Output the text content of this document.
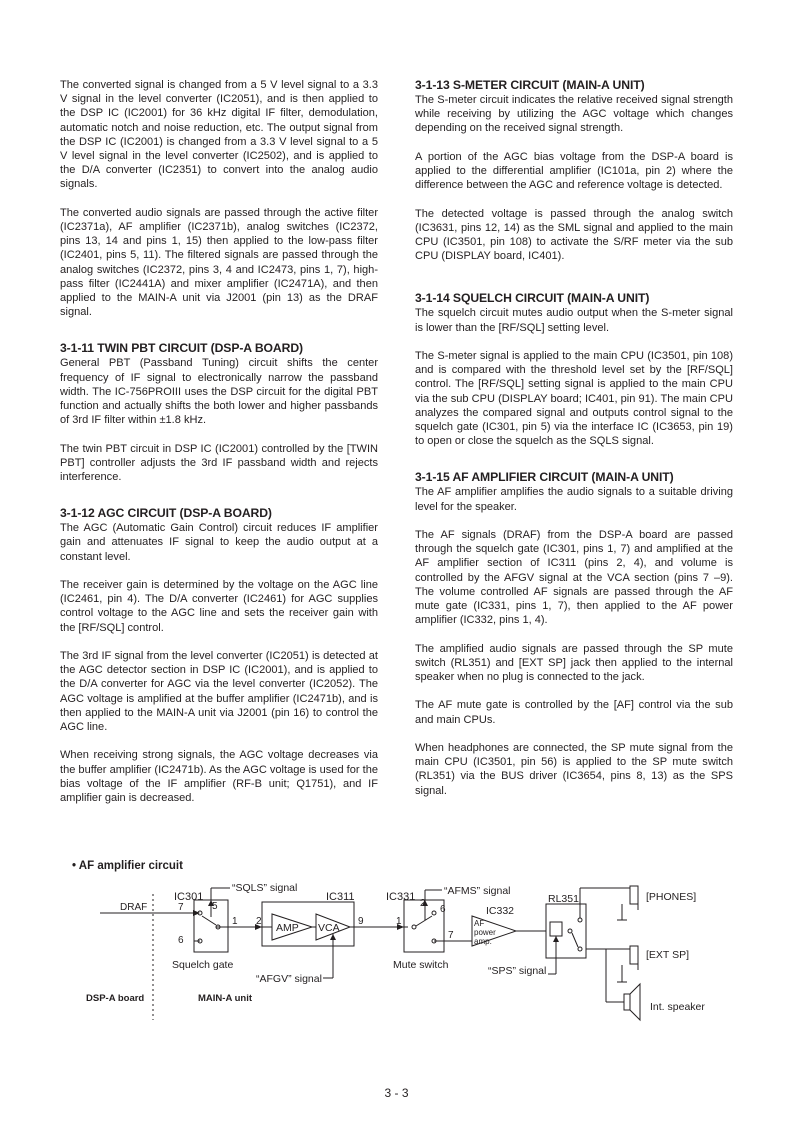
The converted signal is changed from a 5 V level signal to a 3.3 V signal in the level converter (IC2051), and is then applied to the DSP IC (IC2001) for 36 kHz digital IF filter, demodulation, automatic notch and noise reduction, etc. The output signal from the DSP IC (IC2001) is changed from a 3.3 V level signal to a 5 V level signal in the level converter (IC2502), and is applied to the D/A converter (IC2351) to convert into the analog audio signals.

The converted audio signals are passed through the active filter (IC2371a), AF amplifier (IC2371b), analog switches (IC2372, pins 13, 14 and pins 1, 15) then applied to the low-pass filter (IC2401, pins 5, 11). The filtered signals are passed through the analog switches (IC2372, pins 3, 4 and IC2473, pins 1, 7), high-pass filter (IC2441A) and mixer amplifier (IC2471A), and then applied to the MAIN-A unit via J2001 (pin 13) as the DRAF signal.

3-1-11 TWIN PBT CIRCUIT (DSP-A BOARD)

General PBT (Passband Tuning) circuit shifts the center frequency of IF signal to electronically narrow the passband width. The IC-756PROIII uses the DSP circuit for the digital PBT function and actually shifts the both lower and higher passbands of 3rd IF filter within ±1.8 kHz.

The twin PBT circuit in DSP IC (IC2001) controlled by the [TWIN PBT] controller adjusts the 3rd IF passband width and rejects interference.

3-1-12 AGC CIRCUIT (DSP-A BOARD)

The AGC (Automatic Gain Control) circuit reduces IF amplifier gain and attenuates IF signal to keep the audio output at a constant level.

The receiver gain is determined by the voltage on the AGC line (IC2461, pin 4). The D/A converter (IC2461) for AGC supplies control voltage to the AGC line and sets the receiver gain with the [RF/SQL] control.

The 3rd IF signal from the level converter (IC2051) is detected at the AGC detector section in DSP IC (IC2001), and is applied to the D/A converter for AGC via the level converter (IC2052). The AGC voltage is amplified at the buffer amplifier (IC2471b), and is then applied to the MAIN-A unit via J2001 (pin 16) to control the AGC line.

When receiving strong signals, the AGC voltage decreases via the buffer amplifier (IC2471b). As the AGC voltage is used for the bias voltage of the IF amplifier (RF-B unit; Q1751), and IF amplifier gain is decreased.

3-1-13 S-METER CIRCUIT (MAIN-A UNIT)

The S-meter circuit indicates the relative received signal strength while receiving by utilizing the AGC voltage which changes depending on the received signal strength.

A portion of the AGC bias voltage from the DSP-A board is applied to the differential amplifier (IC101a, pin 2) where the difference between the AGC and reference voltage is detected.

The detected voltage is passed through the analog switch (IC3631, pins 12, 14) as the SML signal and applied to the main CPU (IC3501, pin 108) to activate the S/RF meter via the sub CPU (DISPLAY board, IC401).

3-1-14 SQUELCH CIRCUIT (MAIN-A UNIT)

The squelch circuit mutes audio output when the S-meter signal is lower than the [RF/SQL] setting level.

The S-meter signal is applied to the main CPU (IC3501, pin 108) and is compared with the threshold level set by the [RF/SQL] control. The [RF/SQL] setting signal is applied to the main CPU via the sub CPU (DISPLAY board; IC401, pin 91). The main CPU analyzes the compared signal and outputs control signal to the squelch gate (IC301, pin 5) via the interface IC (IC3653, pin 19) to open or close the squelch as the SQLS signal.

3-1-15 AF AMPLIFIER CIRCUIT (MAIN-A UNIT)

The AF amplifier amplifies the audio signals to a suitable driving level for the speaker.

The AF signals (DRAF) from the DSP-A board are passed through the squelch gate (IC301, pins 1, 7) and amplified at the AF amplifier section of IC311 (pins 2, 4), and volume is controlled by the AFGV signal at the VCA section (pins 7 –9). The volume controlled AF signals are passed through the AF mute gate (IC331, pins 1, 7), then applied to the AF power amplifier (IC332, pins 1, 4).

The amplified audio signals are passed through the SP mute switch (RL351) and [EXT SP] jack then applied to the internal speaker when no plug is connected to the jack.

The AF mute gate is controlled by the [AF] control via the sub and main CPUs.

When headphones are connected, the SP mute signal from the main CPU (IC3501, pin 56) is applied to the SP mute switch (RL351) via the BUS driver (IC3654, pins 8, 13) as the SPS signal.

• AF amplifier circuit
DRAF
IC301
“SQLS” signal
5
7
6
1 2
IC311
AMP VCA
9
Squelch gate
“AFGV” signal
IC331	“AFMS” signal
1
2
6
7
IC332
AF
power
amp.
Mute switch
RL351
“SPS” signal
[PHONES]
[EXT SP]
Int. speaker
DSP-A board	MAIN-A unit
3 - 3
